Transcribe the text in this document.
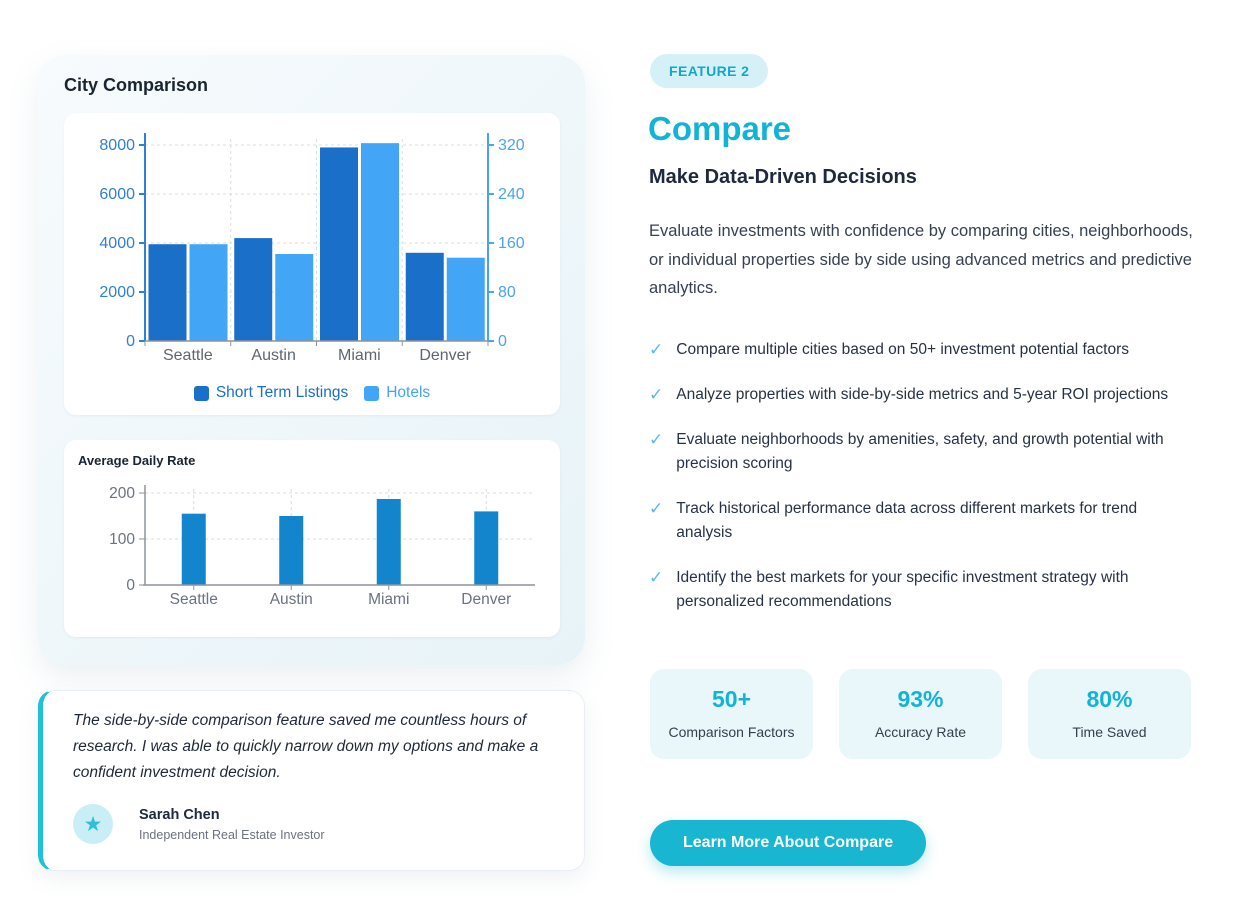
City Comparison
Seattle Austin	Miami Denver
0
2000
4000
6000
8000
0
80
160
240
320
Short Term Listings Hotels
Average Daily Rate
Seattle	Austin	Miami	Denver
0
100
200
The side-by-side comparison feature saved me countless hours of research. I was able to quickly narrow down my options and make a confident investment decision.
★	Sarah Chen
Independent Real Estate Investor
FEATURE 2
Compare
Make Data-Driven Decisions

Evaluate investments with confidence by comparing cities, neighborhoods, or individual properties side by side using advanced metrics and predictive analytics.

✓ Compare multiple cities based on 50+ investment potential factors
✓ Analyze properties with side-by-side metrics and 5-year ROI projections
✓ Evaluate neighborhoods by amenities, safety, and growth potential with precision scoring
✓ Track historical performance data across different markets for trend analysis
✓ Identify the best markets for your specific investment strategy with personalized recommendations
50+
Comparison Factors
93%
Accuracy Rate
80%
Time Saved
Learn More About Compare
